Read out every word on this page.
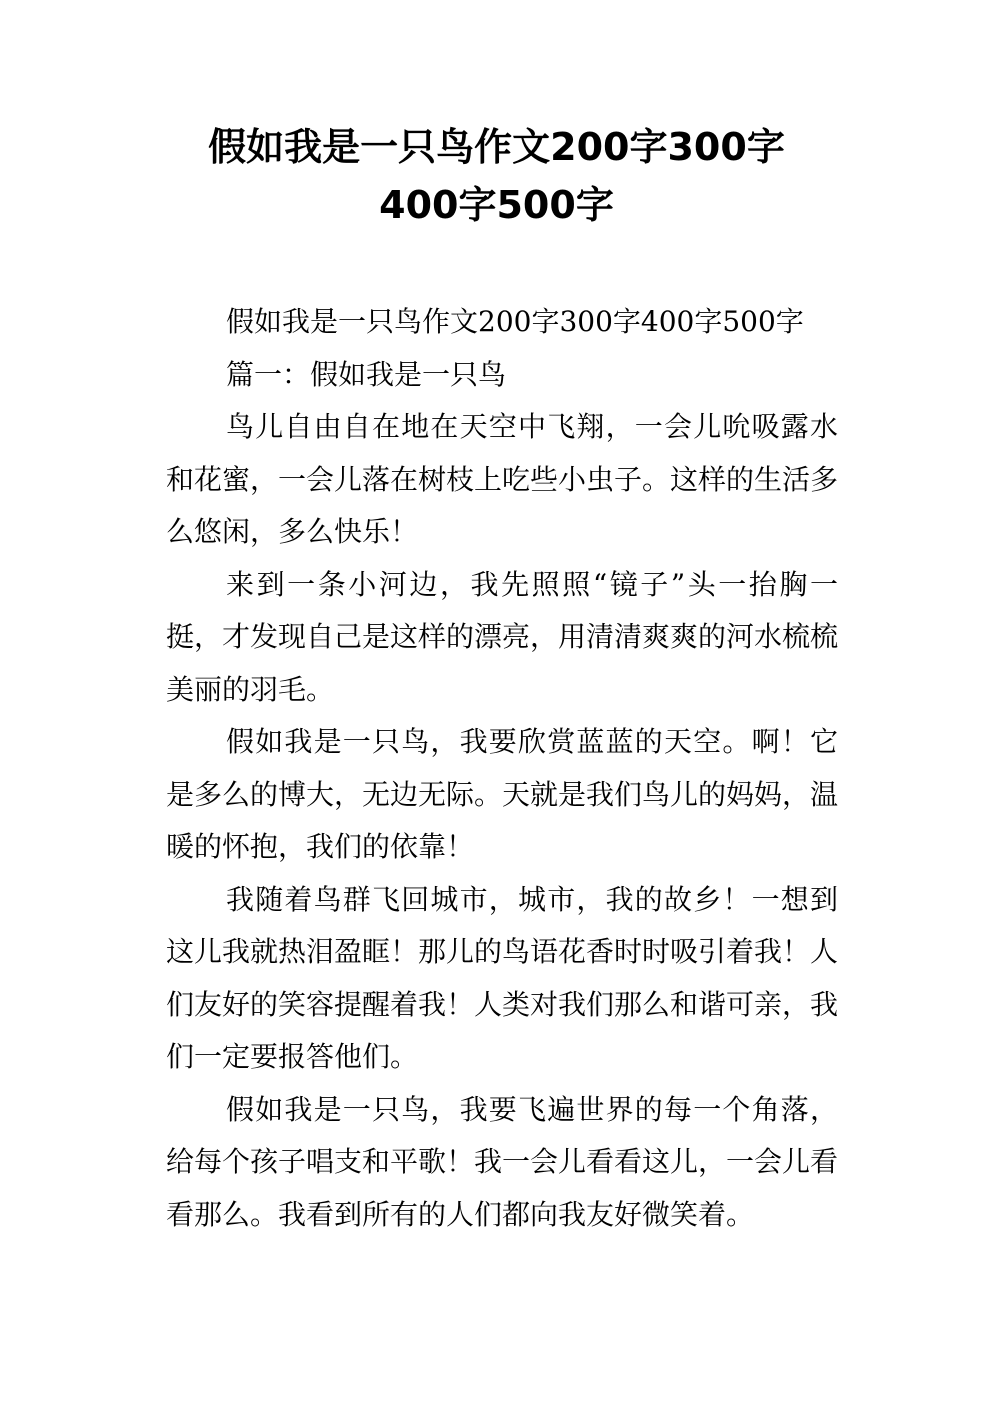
假如我是一只鸟作文200字300字
400字500字

假如我是一只鸟作文200字300字400字500字

篇一：假如我是一只鸟

鸟儿自由自在地在天空中飞翔，一会儿吮吸露水和花蜜，一会儿落在树枝上吃些小虫子。这样的生活多么悠闲，多么快乐！

来到一条小河边，我先照照“镜子”头一抬胸一挺，才发现自己是这样的漂亮，用清清爽爽的河水梳梳美丽的羽毛。

假如我是一只鸟，我要欣赏蓝蓝的天空。啊！它是多么的博大，无边无际。天就是我们鸟儿的妈妈，温暖的怀抱，我们的依靠！

我随着鸟群飞回城市，城市，我的故乡！一想到这儿我就热泪盈眶！那儿的鸟语花香时时吸引着我！人们友好的笑容提醒着我！人类对我们那么和谐可亲，我们一定要报答他们。

假如我是一只鸟，我要飞遍世界的每一个角落，给每个孩子唱支和平歌！我一会儿看看这儿，一会儿看看那么。我看到所有的人们都向我友好微笑着。
